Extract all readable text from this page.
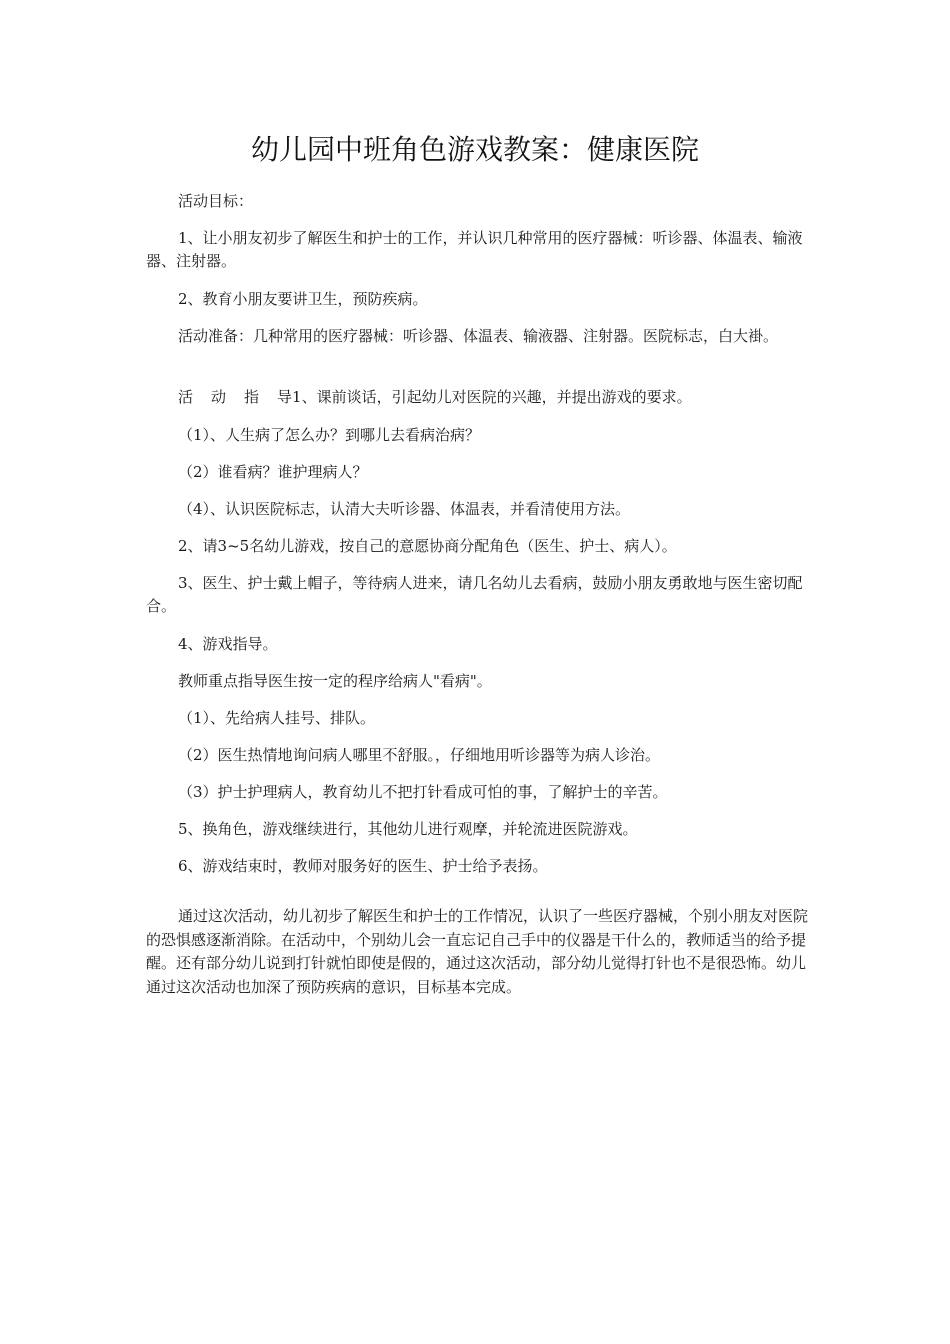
幼儿园中班角色游戏教案：健康医院

活动目标：

1、让小朋友初步了解医生和护士的工作，并认识几种常用的医疗器械：听诊器、体温表、输液器、注射器。

2、教育小朋友要讲卫生，预防疾病。

活动准备：几种常用的医疗器械：听诊器、体温表、输液器、注射器。医院标志，白大褂。

活 动 指 导1、课前谈话，引起幼儿对医院的兴趣，并提出游戏的要求。

（1）、人生病了怎么办？到哪儿去看病治病？

（2）谁看病？谁护理病人？

（4）、认识医院标志，认清大夫听诊器、体温表，并看清使用方法。

2、请3~5名幼儿游戏，按自己的意愿协商分配角色（医生、护士、病人）。

3、医生、护士戴上帽子，等待病人进来，请几名幼儿去看病，鼓励小朋友勇敢地与医生密切配合。

4、游戏指导。

教师重点指导医生按一定的程序给病人"看病"。

（1）、先给病人挂号、排队。

（2）医生热情地询问病人哪里不舒服。，仔细地用听诊器等为病人诊治。

（3）护士护理病人，教育幼儿不把打针看成可怕的事，了解护士的辛苦。

5、换角色，游戏继续进行，其他幼儿进行观摩，并轮流进医院游戏。

6、游戏结束时，教师对服务好的医生、护士给予表扬。

通过这次活动，幼儿初步了解医生和护士的工作情况，认识了一些医疗器械，个别小朋友对医院的恐惧感逐渐消除。在活动中，个别幼儿会一直忘记自己手中的仪器是干什么的，教师适当的给予提醒。还有部分幼儿说到打针就怕即使是假的，通过这次活动，部分幼儿觉得打针也不是很恐怖。幼儿通过这次活动也加深了预防疾病的意识，目标基本完成。
